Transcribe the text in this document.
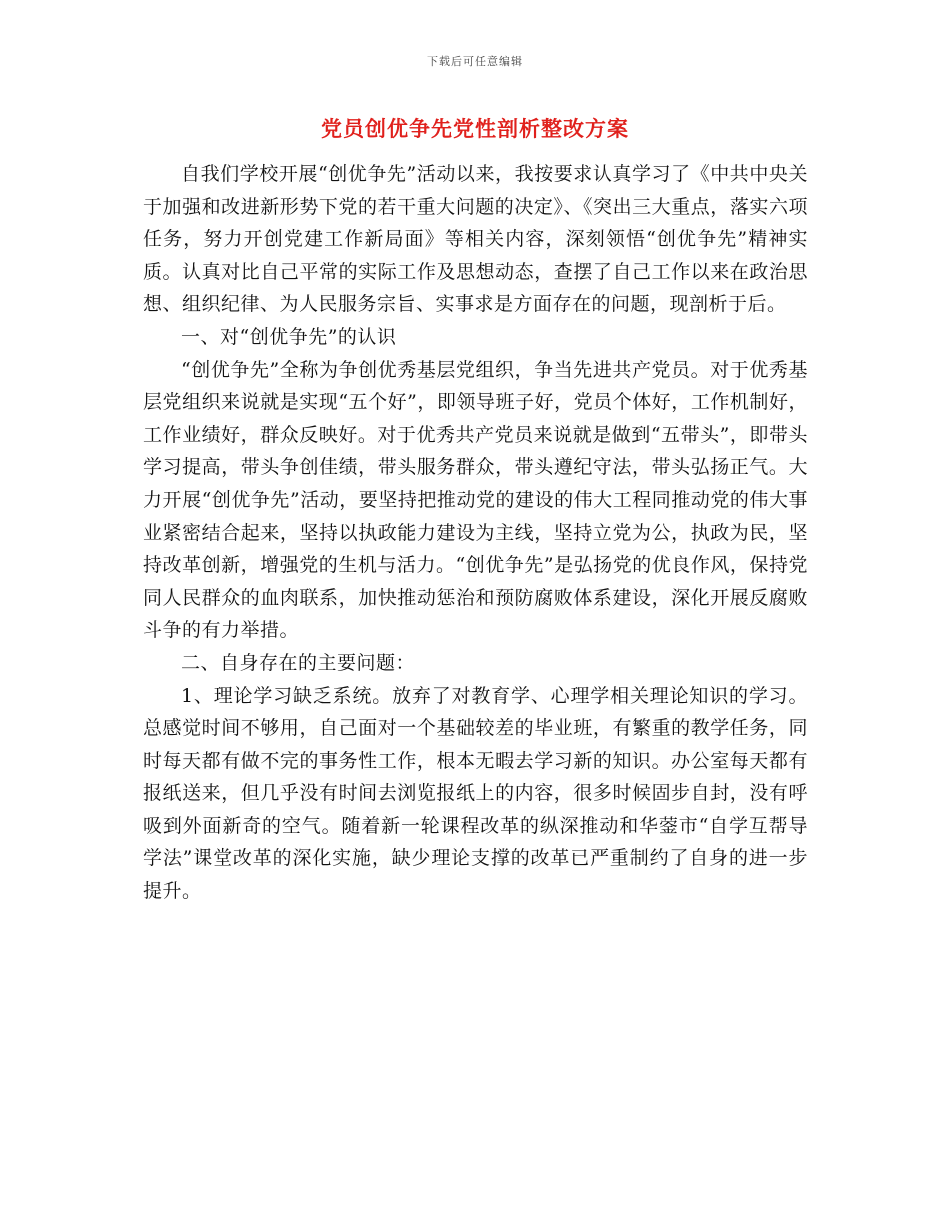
下载后可任意编辑
党员创优争先党性剖析整改方案

自我们学校开展“创优争先”活动以来，我按要求认真学习了《中共中央关于加强和改进新形势下党的若干重大问题的决定》、《突出三大重点，落实六项任务，努力开创党建工作新局面》等相关内容，深刻领悟“创优争先”精神实质。认真对比自己平常的实际工作及思想动态，查摆了自己工作以来在政治思想、组织纪律、为人民服务宗旨、实事求是方面存在的问题，现剖析于后。

一、对“创优争先”的认识

“创优争先”全称为争创优秀基层党组织，争当先进共产党员。对于优秀基层党组织来说就是实现“五个好”，即领导班子好，党员个体好，工作机制好，工作业绩好，群众反映好。对于优秀共产党员来说就是做到“五带头”，即带头学习提高，带头争创佳绩，带头服务群众，带头遵纪守法，带头弘扬正气。大力开展“创优争先”活动，要坚持把推动党的建设的伟大工程同推动党的伟大事业紧密结合起来，坚持以执政能力建设为主线，坚持立党为公，执政为民，坚持改革创新，增强党的生机与活力。“创优争先”是弘扬党的优良作风，保持党同人民群众的血肉联系，加快推动惩治和预防腐败体系建设，深化开展反腐败斗争的有力举措。

二、自身存在的主要问题：

1、理论学习缺乏系统。放弃了对教育学、心理学相关理论知识的学习。总感觉时间不够用，自己面对一个基础较差的毕业班，有繁重的教学任务，同时每天都有做不完的事务性工作，根本无暇去学习新的知识。办公室每天都有报纸送来，但几乎没有时间去浏览报纸上的内容，很多时候固步自封，没有呼吸到外面新奇的空气。随着新一轮课程改革的纵深推动和华蓥市“自学互帮导学法”课堂改革的深化实施，缺少理论支撑的改革已严重制约了自身的进一步提升。
